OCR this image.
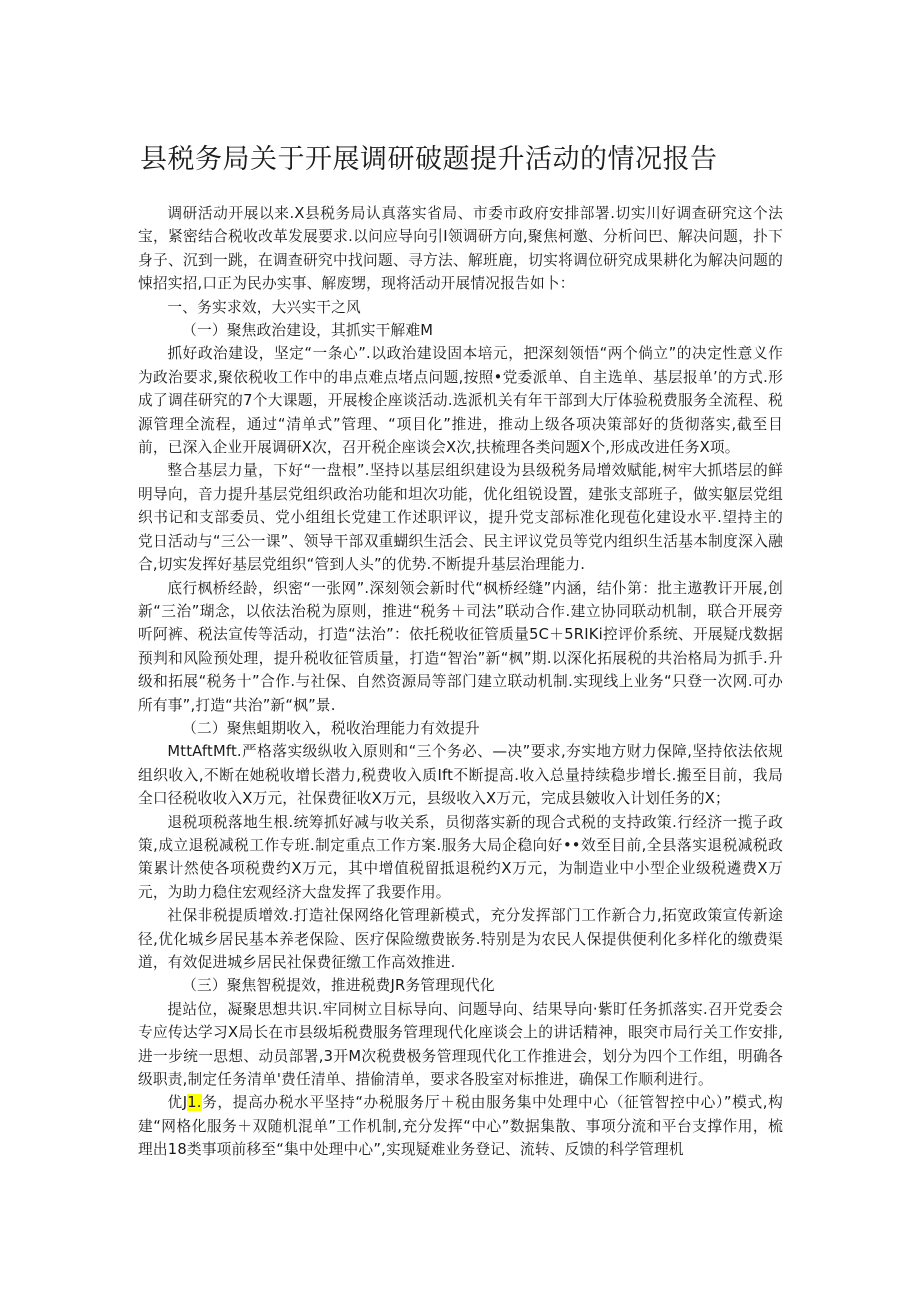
县税务局关于开展调研破题提升活动的情况报告

调研活动开展以来.X县税务局认真落实省局、市委市政府安排部署.切实川好调查研究这个法宝，紧密结合税收改革发展要求.以问应导向引I领调研方向,聚焦柯邀、分析问巴、解决问题，扑下身子、沉到一跳，在调查研究中找问题、寻方法、解班鹿，切实将调位研究成果耕化为解决问题的悚招实招,口正为民办实事、解废甥，现将活动开展情况报告如卜：

一、务实求效，大兴实干之风

（一）聚焦政治建设，其抓实干解难M

抓好政治建设，坚定“一条心”.以政治建设固本培元，把深刻领悟“两个倘立”的决定性意义作为政治要求,聚依税收工作中的串点难点堵点问题,按照•党委派单、自主选单、基层报单’的方式.形成了调荏研究的7个大课题，开展梭企座谈活动.选派机关有年干部到大厅体验税费服务全流程、税源管理全流程，通过“清单式”管理、“项目化”推进，推动上级各项决策部好的货彻落实,截至目前，已深入企业开展调研X次，召开税企座谈会X次,扶梳理各类问题X个,形成改进任务X项。

整合基层力量，下好“一盘根”.坚持以基层组织建设为县级税务局增效赋能,树牢大抓塔层的鲜明导向，音力提升基层党组织政治功能和坦次功能，优化组锐设置，建张支部班子，做实躯层党组织书记和支部委员、党小组组长党建工作述职评议，提升党支部标准化现苞化建设水平.望持主的党日活动与“三公一课”、领导干部双重蝴织生活会、民主评议党员等党内组织生活基本制度深入融合,切实发挥好基层党组织“管到人头”的优势.不断提升基层治理能力.

底行枫桥经龄，织密“一张网”.深刻领会新时代“枫桥经缝”内涵，结仆第：批主遨教讦开展,创新“三治”瑚念，以依法治税为原则，推进“税务＋司法”联动合作.建立协同联动机制，联合开展旁听阿裤、税法宣传等活动，打造“法治”：依托税收征管质量5C＋5RIKi控评价系统、开展疑戊数据预判和风险预处理，提升税收征管质量，打造“智治”新“枫”期.以深化拓展税的共治格局为抓手.升级和拓展“税务十”合作.与社保、自然资源局等部门建立联动机制.实现线上业务“只登一次网.可办所有事”,打造“共治”新“枫”景.

（二）聚焦蛆期收入，税收治理能力有效提升

MttAftMft.严格落实级纵收入原则和“三个务必、—决”要求,夯实地方财力保障,坚持依法依规组织收入,不断在她税收增长潜力,税费收入质Ift不断提高.收入总量持续稳步增长.搬至目前，我局全口径税收收入X万元，社保费征收X万元，县级收入X万元，完成县皴收入计划任务的X；

退税项税落地生根.统筹抓好减与收关系，员彻落实新的现合式税的支持政策.行经济一揽子政策,成立退税减税工作专班.制定重点工作方案.服务大局企稳向好••效至目前,全县落实退税减税政策累计然使各项税费约X万元，其中增值税留抵退税约X万元，为制造业中小型企业级税遴费X万元，为助力稳住宏观经济大盘发挥了我要作用。

社保非税提质增效.打造社保网络化管理新模式，充分发挥部门工作新合力,拓宽政策宣传新途径,优化城乡居民基本养老保险、医疗保险缴费嵌务.特别是为农民人保提供便利化多样化的缴费渠道，有效促进城乡居民社保费征缴工作高效推进.

（三）聚焦智税提效，推进税费JR务管理现代化

提站位，凝聚思想共识.牢同树立目标导向、问题导向、结果导向·紫盯任务抓落实.召开党委会专应传达学习X局长在市县级垢税费服务管理现代化座谈会上的讲话精神，眼突市局行关工作安排,进一步统一思想、动员部署,3开M次税费极务管理现代化工作推进会，划分为四个工作组，明确各级职责,制定任务清单'费任清单、措偷清单，要求各股室对标推进，确保工作顺利进行。

优J1.务，提高办税水平坚持“办税服务厅＋税由服务集中处理中心（征管智控中心）”模式,构建“网格化服务＋双随机混单”工作机制,充分发挥“中心”数据集散、事项分流和平台支撑作用，梳理出18类事项前移至“集中处理中心”,实现疑难业务登记、流转、反馈的科学管理机
